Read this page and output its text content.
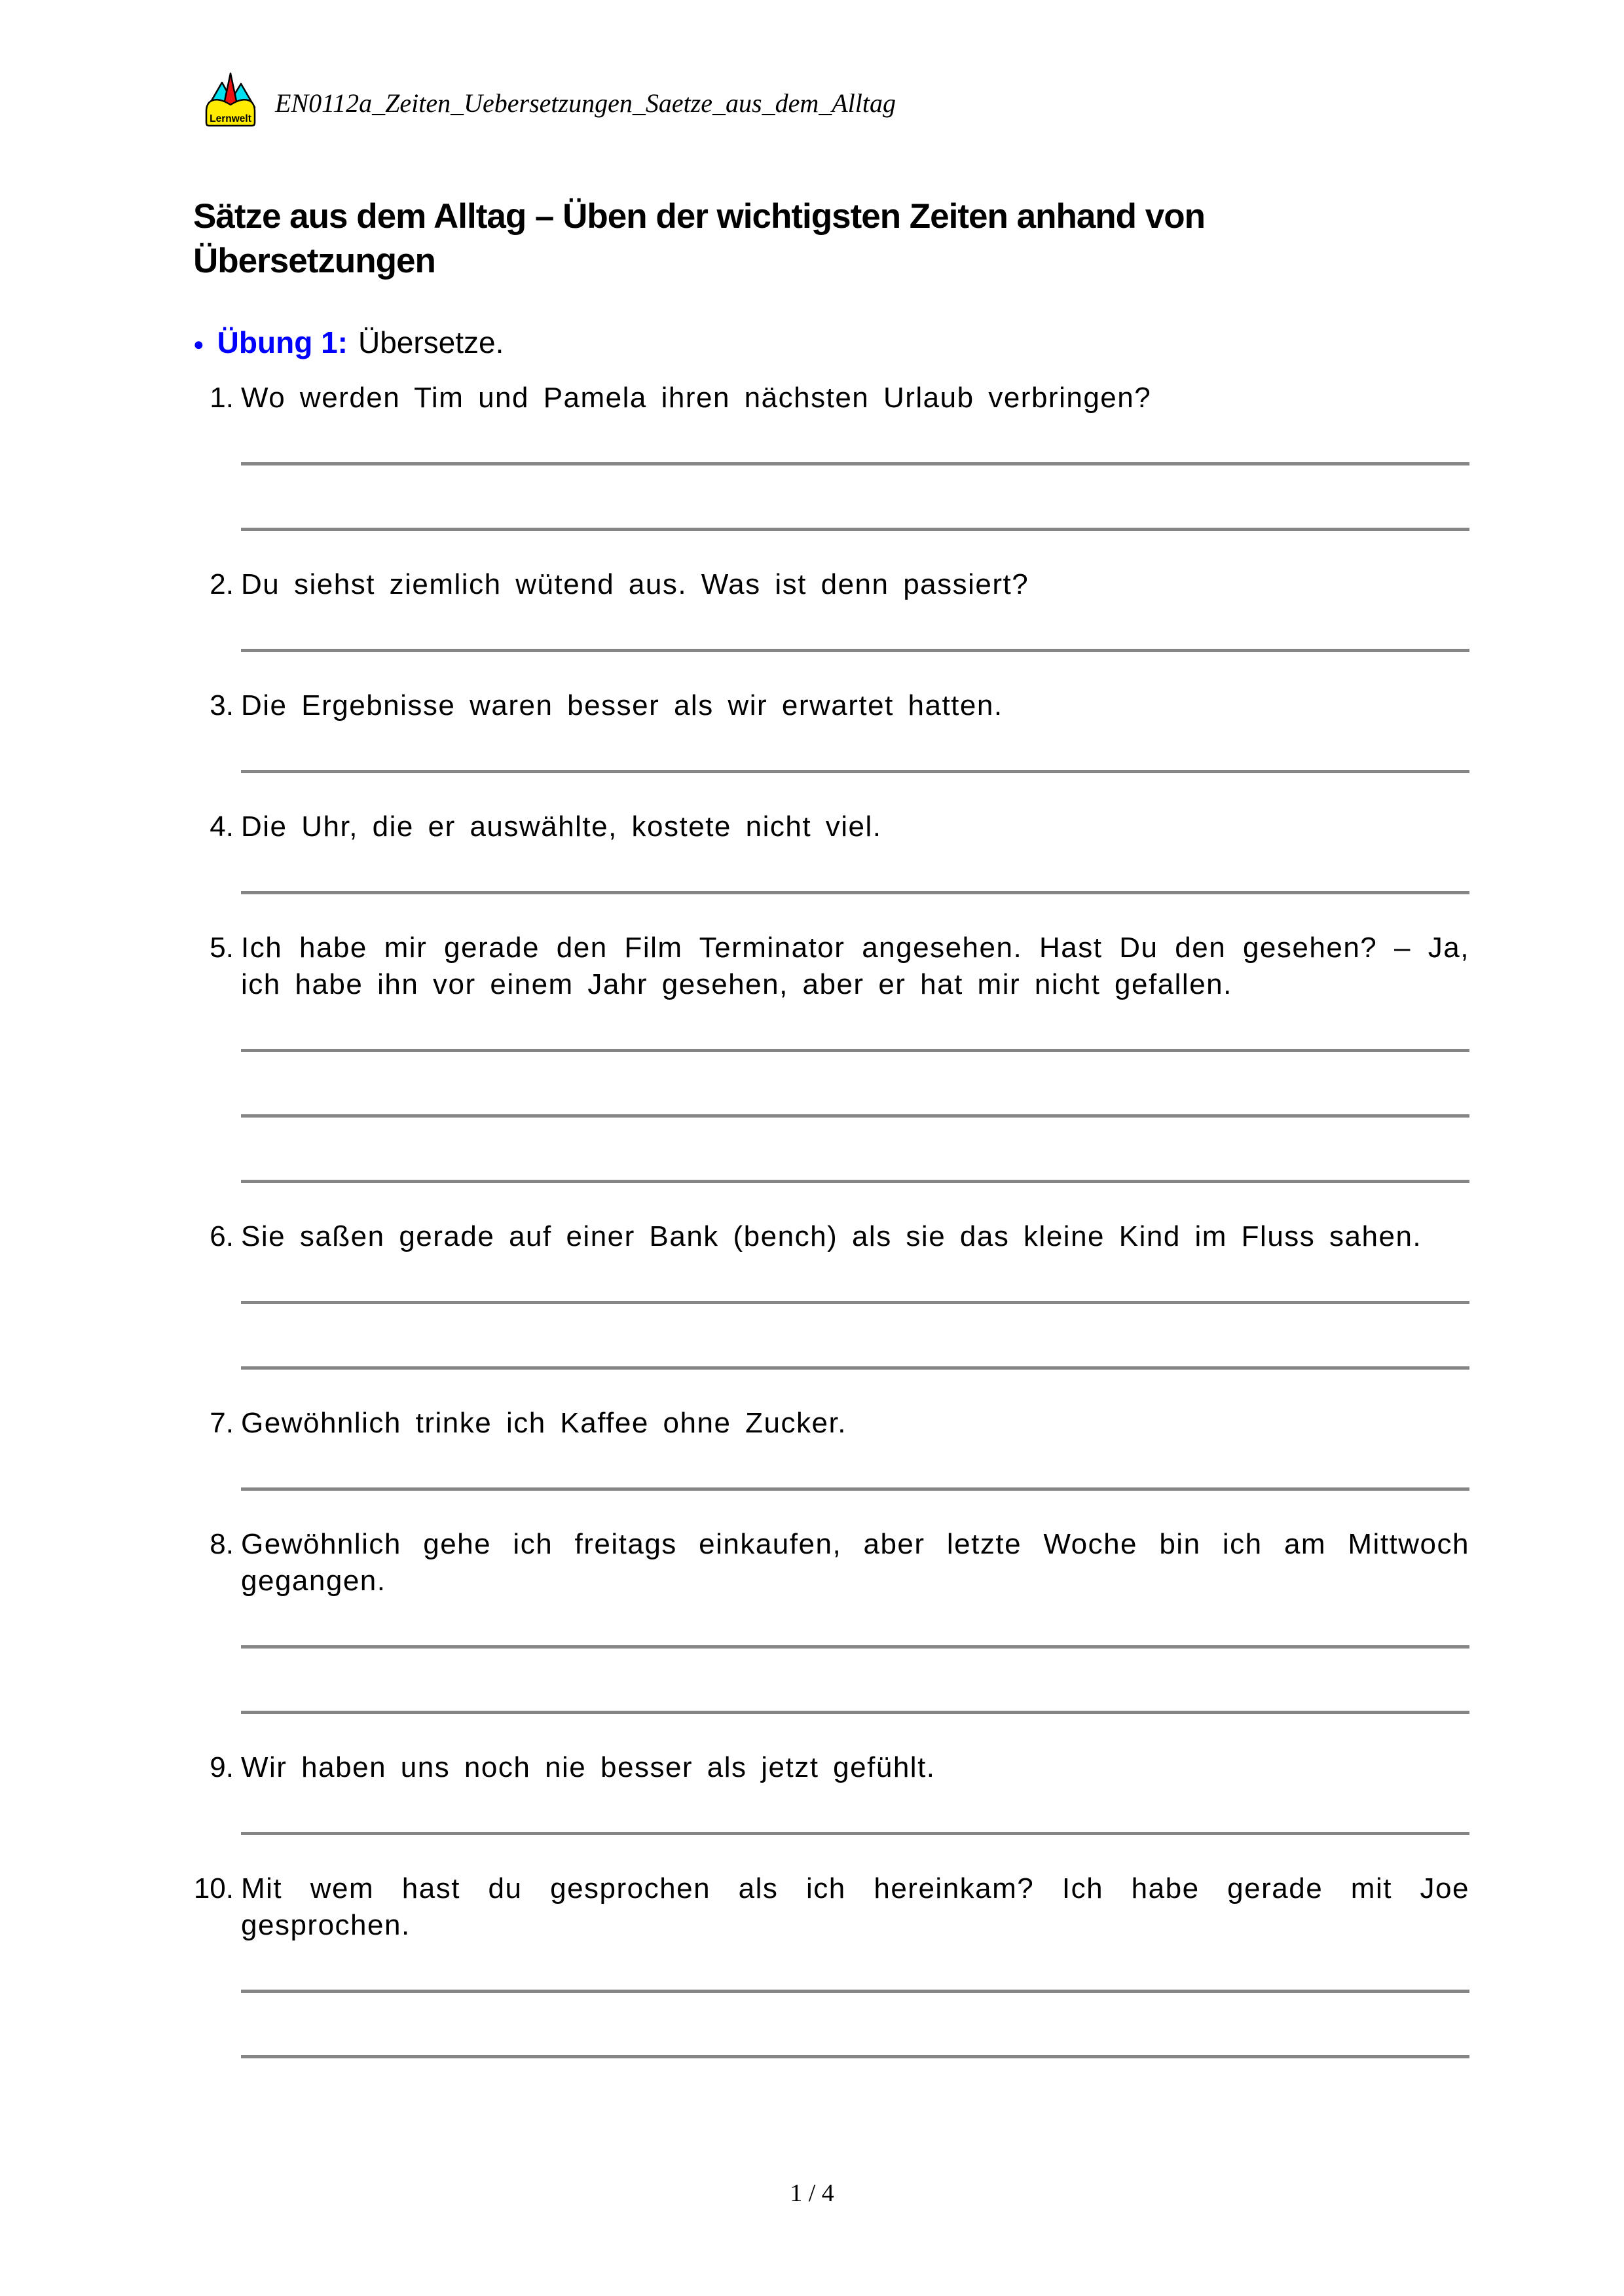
Lernwelt
EN0112a_Zeiten_Uebersetzungen_Saetze_aus_dem_Alltag
Sätze aus dem Alltag – Üben der wichtigsten Zeiten anhand von Übersetzungen
● Übung 1: Übersetze.
1. Wo werden Tim und Pamela ihren nächsten Urlaub verbringen?
2. Du siehst ziemlich wütend aus. Was ist denn passiert?
3. Die Ergebnisse waren besser als wir erwartet hatten.
4. Die Uhr, die er auswählte, kostete nicht viel.
5. Ich habe mir gerade den Film Terminator angesehen. Hast Du den gesehen? – Ja, ich habe ihn vor einem Jahr gesehen, aber er hat mir nicht gefallen.
6. Sie saßen gerade auf einer Bank (bench) als sie das kleine Kind im Fluss sahen.
7. Gewöhnlich trinke ich Kaffee ohne Zucker.
8. Gewöhnlich gehe ich freitags einkaufen, aber letzte Woche bin ich am Mittwoch gegangen.
9. Wir haben uns noch nie besser als jetzt gefühlt.
10. Mit wem hast du gesprochen als ich hereinkam? Ich habe gerade mit Joe gesprochen.
1 / 4
